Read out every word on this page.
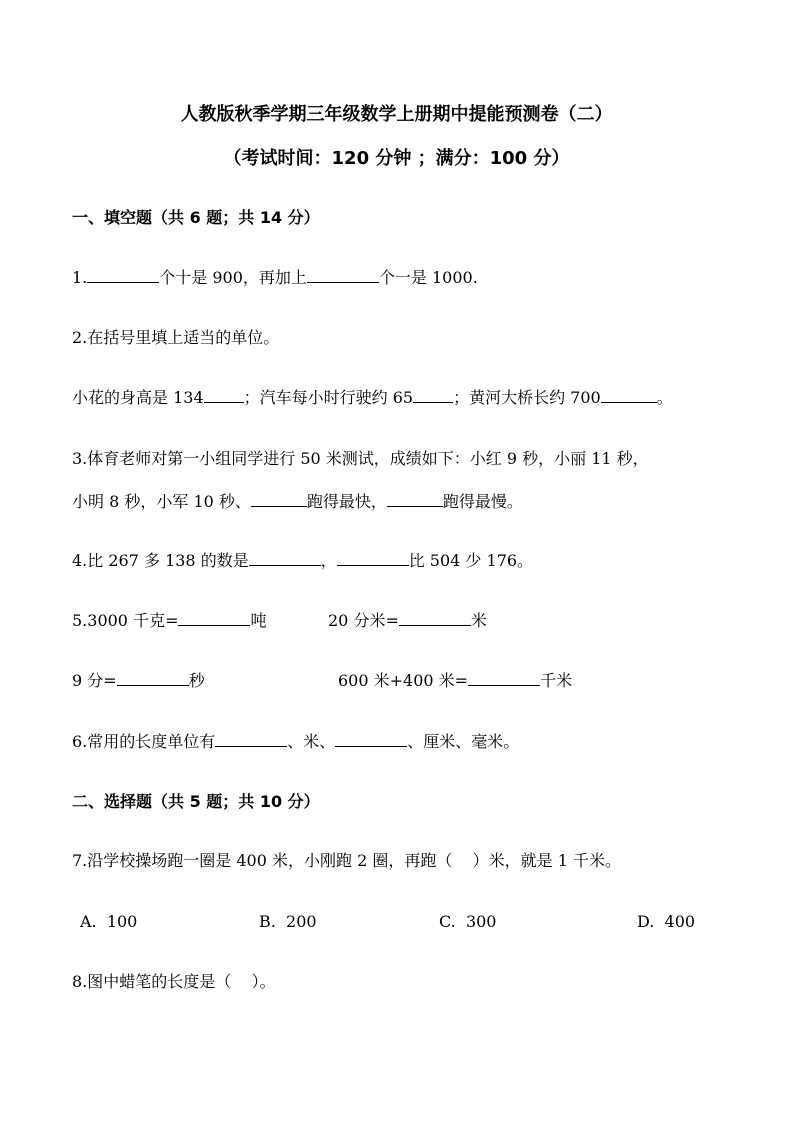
人教版秋季学期三年级数学上册期中提能预测卷（二）
（考试时间：120 分钟 ；满分：100 分）
一、填空题（共 6 题；共 14 分）
1.	个十是 900，再加上	个一是 1000.
2.在括号里填上适当的单位。
小花的身高是 134	；汽车每小时行驶约 65	；黄河大桥长约 700	。
3.体育老师对第一小组同学进行 50 米测试，成绩如下：小红 9 秒，小丽 11 秒，
小明 8 秒，小军 10 秒、	跑得最快，	跑得最慢。
4.比 267 多 138 的数是	，	比 504 少 176。
5.3000 千克=	吨	20 分米=	米
9 分=	秒	600 米+400 米=	千米
6.常用的长度单位有	、米、	、厘米、毫米。
二、选择题（共 5 题；共 10 分）
7.沿学校操场跑一圈是 400 米，小刚跑 2 圈，再跑（    ）米，就是 1 千米。
A. 100	B. 200	C. 300	D. 400
8.图中蜡笔的长度是（    ）。
